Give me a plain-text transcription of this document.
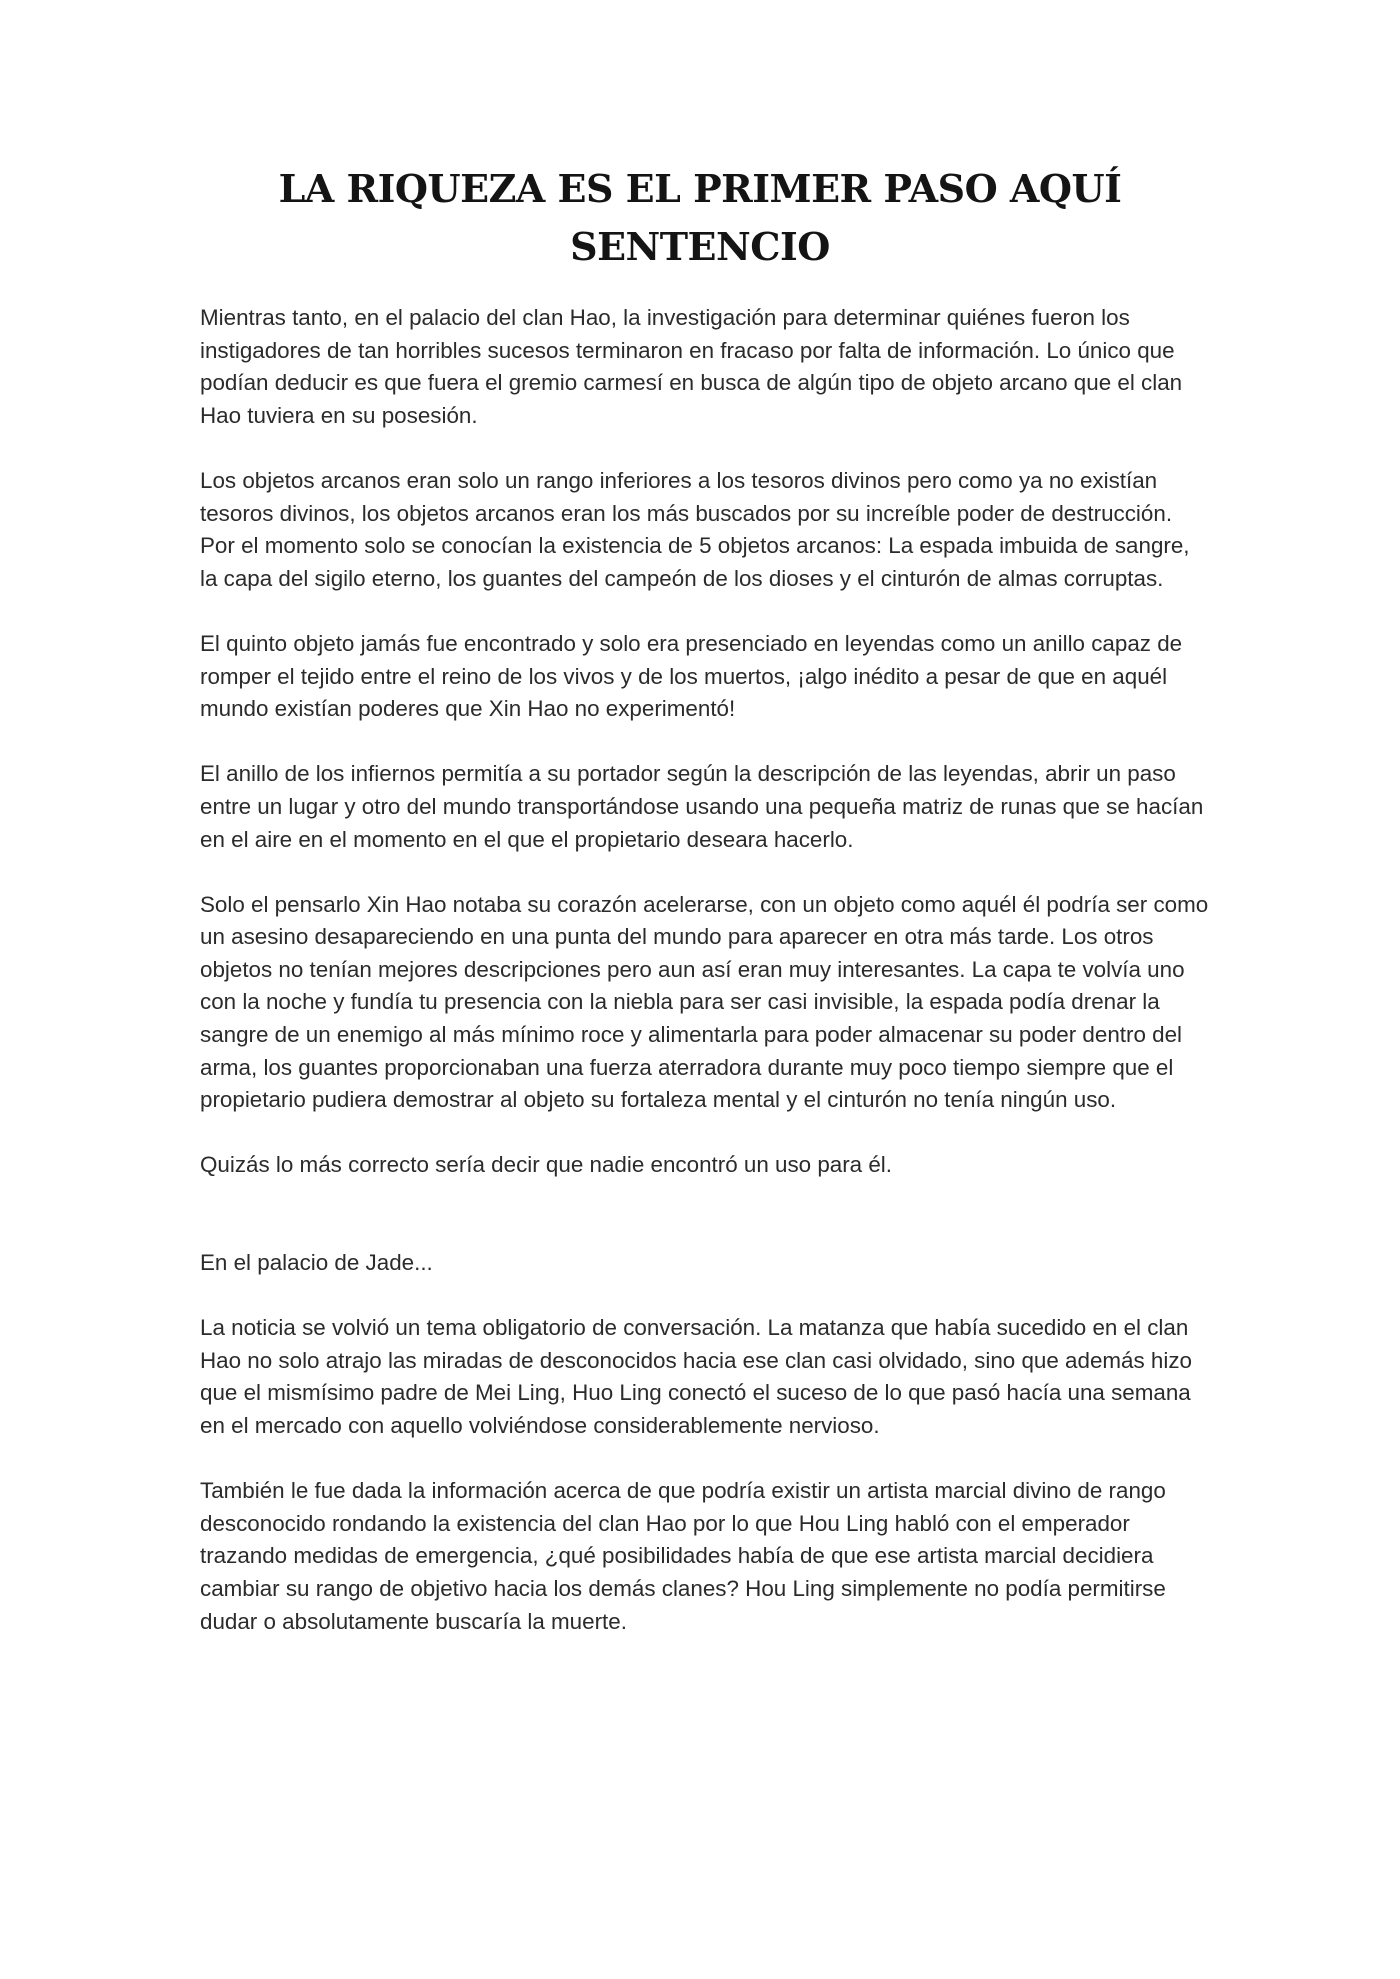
LA RIQUEZA ES EL PRIMER PASO AQUÍ
SENTENCIO

Mientras tanto, en el palacio del clan Hao, la investigación para determinar quiénes fueron los instigadores de tan horribles sucesos terminaron en fracaso por falta de información. Lo único que podían deducir es que fuera el gremio carmesí en busca de algún tipo de objeto arcano que el clan Hao tuviera en su posesión.

Los objetos arcanos eran solo un rango inferiores a los tesoros divinos pero como ya no existían tesoros divinos, los objetos arcanos eran los más buscados por su increíble poder de destrucción. Por el momento solo se conocían la existencia de 5 objetos arcanos: La espada imbuida de sangre, la capa del sigilo eterno, los guantes del campeón de los dioses y el cinturón de almas corruptas.

El quinto objeto jamás fue encontrado y solo era presenciado en leyendas como un anillo capaz de romper el tejido entre el reino de los vivos y de los muertos, ¡algo inédito a pesar de que en aquél mundo existían poderes que Xin Hao no experimentó!

El anillo de los infiernos permitía a su portador según la descripción de las leyendas, abrir un paso entre un lugar y otro del mundo transportándose usando una pequeña matriz de runas que se hacían en el aire en el momento en el que el propietario deseara hacerlo.

Solo el pensarlo Xin Hao notaba su corazón acelerarse, con un objeto como aquél él podría ser como un asesino desapareciendo en una punta del mundo para aparecer en otra más tarde. Los otros objetos no tenían mejores descripciones pero aun así eran muy interesantes. La capa te volvía uno con la noche y fundía tu presencia con la niebla para ser casi invisible, la espada podía drenar la sangre de un enemigo al más mínimo roce y alimentarla para poder almacenar su poder dentro del arma, los guantes proporcionaban una fuerza aterradora durante muy poco tiempo siempre que el propietario pudiera demostrar al objeto su fortaleza mental y el cinturón no tenía ningún uso.

Quizás lo más correcto sería decir que nadie encontró un uso para él.

En el palacio de Jade...

La noticia se volvió un tema obligatorio de conversación. La matanza que había sucedido en el clan Hao no solo atrajo las miradas de desconocidos hacia ese clan casi olvidado, sino que además hizo que el mismísimo padre de Mei Ling, Huo Ling conectó el suceso de lo que pasó hacía una semana en el mercado con aquello volviéndose considerablemente nervioso.

También le fue dada la información acerca de que podría existir un artista marcial divino de rango desconocido rondando la existencia del clan Hao por lo que Hou Ling habló con el emperador trazando medidas de emergencia, ¿qué posibilidades había de que ese artista marcial decidiera cambiar su rango de objetivo hacia los demás clanes? Hou Ling simplemente no podía permitirse dudar o absolutamente buscaría la muerte.
